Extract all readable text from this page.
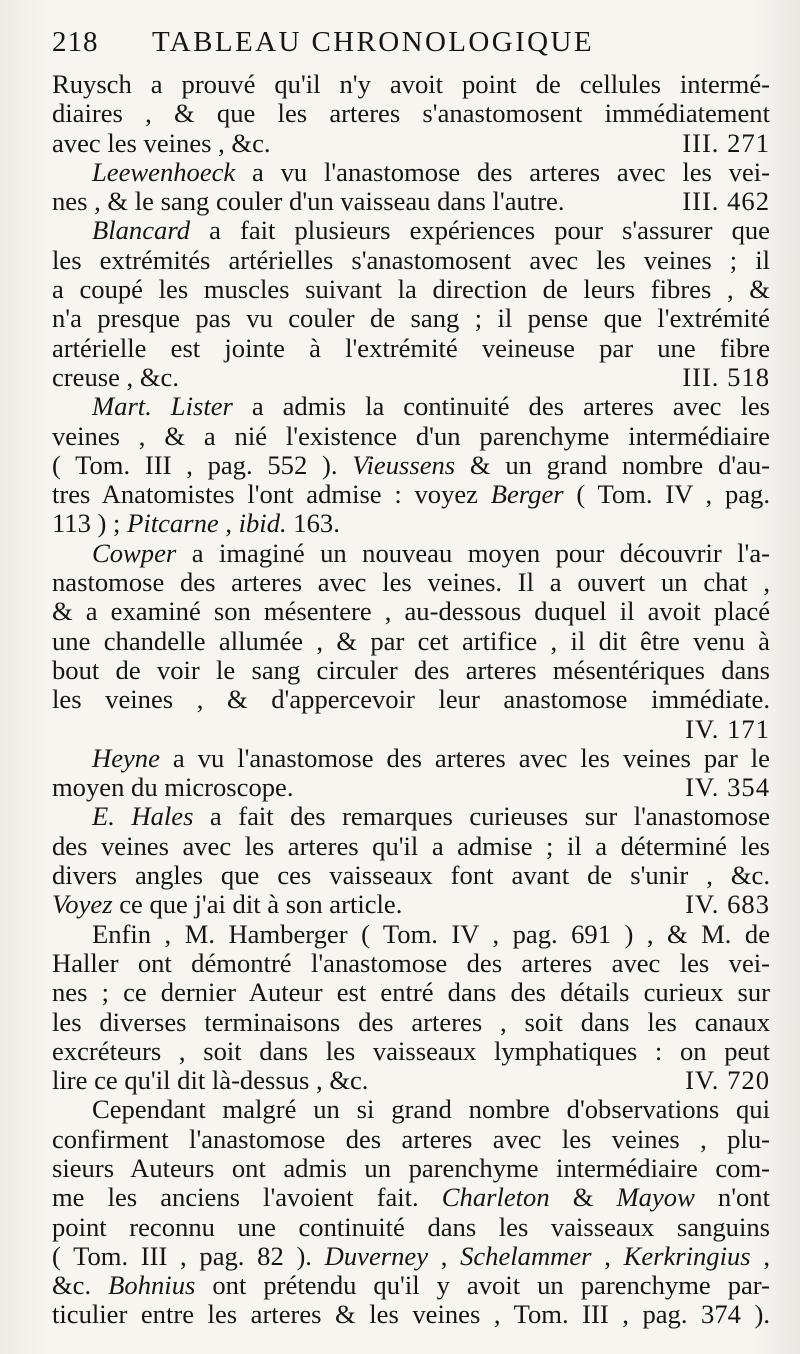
218	TABLEAU CHRONOLOGIQUE
Ruysch a prouvé qu'il n'y avoit point de cellules intermé-
diaires , & que les arteres s'anastomosent immédiatement
avec les veines , &c.	III. 271
Leewenhoeck a vu l'anastomose des arteres avec les vei-
nes , & le sang couler d'un vaisseau dans l'autre.	III. 462
Blancard a fait plusieurs expériences pour s'assurer que
les extrémités artérielles s'anastomosent avec les veines ; il
a coupé les muscles suivant la direction de leurs fibres , &
n'a presque pas vu couler de sang ; il pense que l'extrémité
artérielle est jointe à l'extrémité veineuse par une fibre
creuse , &c.	III. 518
Mart. Lister a admis la continuité des arteres avec les
veines , & a nié l'existence d'un parenchyme intermédiaire
( Tom. III , pag. 552 ). Vieussens & un grand nombre d'au-
tres Anatomistes l'ont admise : voyez Berger ( Tom. IV , pag.
113 ) ; Pitcarne , ibid. 163.
Cowper a imaginé un nouveau moyen pour découvrir l'a-
nastomose des arteres avec les veines. Il a ouvert un chat ,
& a examiné son mésentere , au-dessous duquel il avoit placé
une chandelle allumée , & par cet artifice , il dit être venu à
bout de voir le sang circuler des arteres mésentériques dans
les veines , & d'appercevoir leur anastomose immédiate.
IV. 171
Heyne a vu l'anastomose des arteres avec les veines par le
moyen du microscope.	IV. 354
E. Hales a fait des remarques curieuses sur l'anastomose
des veines avec les arteres qu'il a admise ; il a déterminé les
divers angles que ces vaisseaux font avant de s'unir , &c.
Voyez ce que j'ai dit à son article.	IV. 683
Enfin , M. Hamberger ( Tom. IV , pag. 691 ) , & M. de
Haller ont démontré l'anastomose des arteres avec les vei-
nes ; ce dernier Auteur est entré dans des détails curieux sur
les diverses terminaisons des arteres , soit dans les canaux
excréteurs , soit dans les vaisseaux lymphatiques : on peut
lire ce qu'il dit là-dessus , &c.	IV. 720
Cependant malgré un si grand nombre d'observations qui
confirment l'anastomose des arteres avec les veines , plu-
sieurs Auteurs ont admis un parenchyme intermédiaire com-
me les anciens l'avoient fait. Charleton & Mayow n'ont
point reconnu une continuité dans les vaisseaux sanguins
( Tom. III , pag. 82 ). Duverney , Schelammer , Kerkringius ,
&c. Bohnius ont prétendu qu'il y avoit un parenchyme par-
ticulier entre les arteres & les veines , Tom. III , pag. 374 ).
